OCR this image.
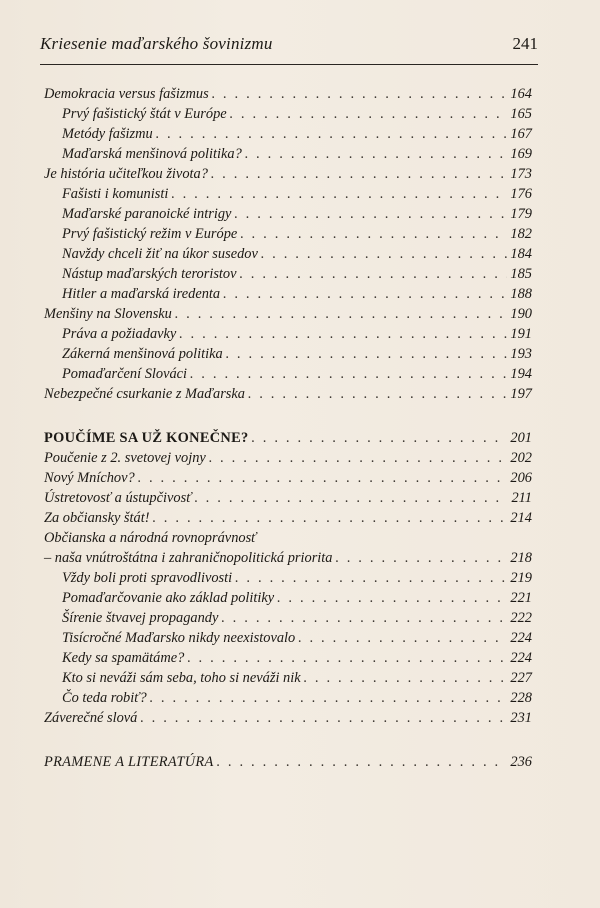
Kriesenie maďarského šovinizmu	241
Demokracia versus fašizmus . . .	164
Prvý fašistický štát v Európe . . .	165
Metódy fašizmu . . .	167
Maďarská menšinová politika? . . .	169
Je história učiteľkou života? . . .	173
Fašisti i komunisti . . .	176
Maďarské paranoické intrigy . . .	179
Prvý fašistický režim v Európe . . .	182
Navždy chceli žiť na úkor susedov . . .	184
Nástup maďarských teroristov . . .	185
Hitler a maďarská iredenta . . .	188
Menšiny na Slovensku . . .	190
Práva a požiadavky . . .	191
Zákerná menšinová politika . . .	193
Pomaďarčení Slováci . . .	194
Nebezpečné csurkanie z Maďarska . . .	197
POUČÍME SA UŽ KONEČNE? . . .	201
Poučenie z 2. svetovej vojny . . .	202
Nový Mníchov? . . .	206
Ústretovosť a ústupčivosť . . .	211
Za občiansky štát! . . .	214
Občianska a národná rovnoprávnosť
– naša vnútroštátna i zahraničnopolitická priorita . . .	218
Vždy boli proti spravodlivosti . . .	219
Pomaďarčovanie ako základ politiky . . .	221
Šírenie štvavej propagandy . . .	222
Tisícročné Maďarsko nikdy neexistovalo . . .	224
Kedy sa spamätáme? . . .	224
Kto si neváži sám seba, toho si neváži nik . . .	227
Čo teda robiť? . . .	228
Záverečné slová . . .	231
PRAMENE A LITERATÚRA . . .	236
